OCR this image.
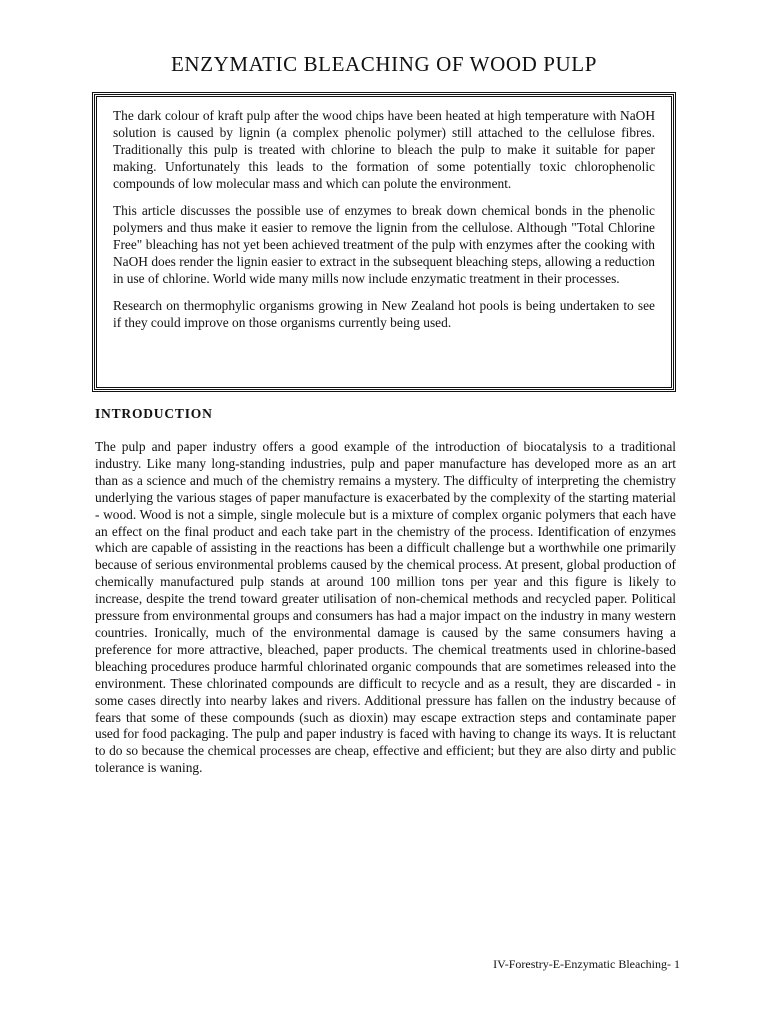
ENZYMATIC BLEACHING OF WOOD PULP

The dark colour of kraft pulp after the wood chips have been heated at high temperature with NaOH solution is caused by lignin (a complex phenolic polymer) still attached to the cellulose fibres. Traditionally this pulp is treated with chlorine to bleach the pulp to make it suitable for paper making. Unfortunately this leads to the formation of some potentially toxic chlorophenolic compounds of low molecular mass and which can polute the environment.

This article discusses the possible use of enzymes to break down chemical bonds in the phenolic polymers and thus make it easier to remove the lignin from the cellulose. Although "Total Chlorine Free" bleaching has not yet been achieved treatment of the pulp with enzymes after the cooking with NaOH does render the lignin easier to extract in the subsequent bleaching steps, allowing a reduction in use of chlorine. World wide many mills now include enzymatic treatment in their processes.

Research on thermophylic organisms growing in New Zealand hot pools is being undertaken to see if they could improve on those organisms currently being used.

INTRODUCTION

The pulp and paper industry offers a good example of the introduction of biocatalysis to a traditional industry. Like many long-standing industries, pulp and paper manufacture has developed more as an art than as a science and much of the chemistry remains a mystery. The difficulty of interpreting the chemistry underlying the various stages of paper manufacture is exacerbated by the complexity of the starting material - wood. Wood is not a simple, single molecule but is a mixture of complex organic polymers that each have an effect on the final product and each take part in the chemistry of the process. Identification of enzymes which are capable of assisting in the reactions has been a difficult challenge but a worthwhile one primarily because of serious environmental problems caused by the chemical process. At present, global production of chemically manufactured pulp stands at around 100 million tons per year and this figure is likely to increase, despite the trend toward greater utilisation of non-chemical methods and recycled paper. Political pressure from environmental groups and consumers has had a major impact on the industry in many western countries. Ironically, much of the environmental damage is caused by the same consumers having a preference for more attractive, bleached, paper products. The chemical treatments used in chlorine-based bleaching procedures produce harmful chlorinated organic compounds that are sometimes released into the environment. These chlorinated compounds are difficult to recycle and as a result, they are discarded - in some cases directly into nearby lakes and rivers. Additional pressure has fallen on the industry because of fears that some of these compounds (such as dioxin) may escape extraction steps and contaminate paper used for food packaging. The pulp and paper industry is faced with having to change its ways. It is reluctant to do so because the chemical processes are cheap, effective and efficient; but they are also dirty and public tolerance is waning.

IV-Forestry-E-Enzymatic Bleaching- 1
